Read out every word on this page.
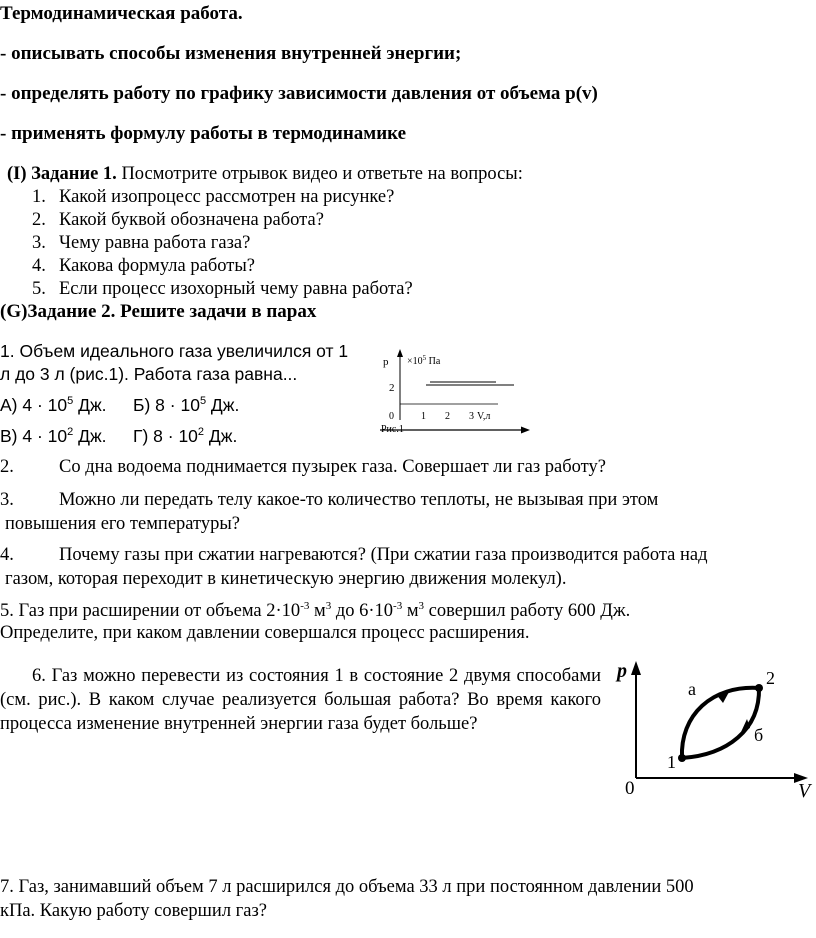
Термодинамическая работа.
- описывать способы изменения внутренней энергии;
- определять работу по графику зависимости давления от объема p(v)
- применять формулу работы в термодинамике
(I) Задание 1. Посмотрите отрывок видео и ответьте на вопросы:
1. Какой изопроцесс рассмотрен на рисунке?
2. Какой буквой обозначена работа?
3. Чему равна работа газа?
4. Какова формула работы?
5. Если процесс изохорный чему равна работа?
(G)Задание 2. Решите задачи в парах
1. Объем идеального газа увеличился от 1
л до 3 л (рис.1). Работа газа равна...
А) $4 \cdot 10^5$ Дж. Б) $8 \cdot 10^5$ Дж.
В) $4 \cdot 10^2$ Дж. Г) $8 \cdot 10^2$ Дж.
$p \times 10^5$ Па
2
0	1 2 3 V,л
Рис.1
2. Со дна водоема поднимается пузырек газа. Совершает ли газ работу?
3. Можно ли передать телу какое-то количество теплоты, не вызывая при этом
повышения его температуры?
4. Почему газы при сжатии нагреваются? (При сжатии газа производится работа над
газом, которая переходит в кинетическую энергию движения молекул).
5. Газ при расширении от объема $2\cdot 10^{-3}$ $м^3$ до $6\cdot 10^{-3}$ $м^3$ совершил работу 600 Дж.
Определите, при каком давлении совершался процесс расширения.
6. Газ можно перевести из состояния 1 в состояние 2 двумя способами (см. рис.). В каком случае реализуется большая работа? Во время какого процесса изменение внутренней энергии газа будет больше?
p
V
0
1
2
а
б
7. Газ, занимавший объем 7 л расширился до объема 33 л при постоянном давлении 500
кПа. Какую работу совершил газ?
